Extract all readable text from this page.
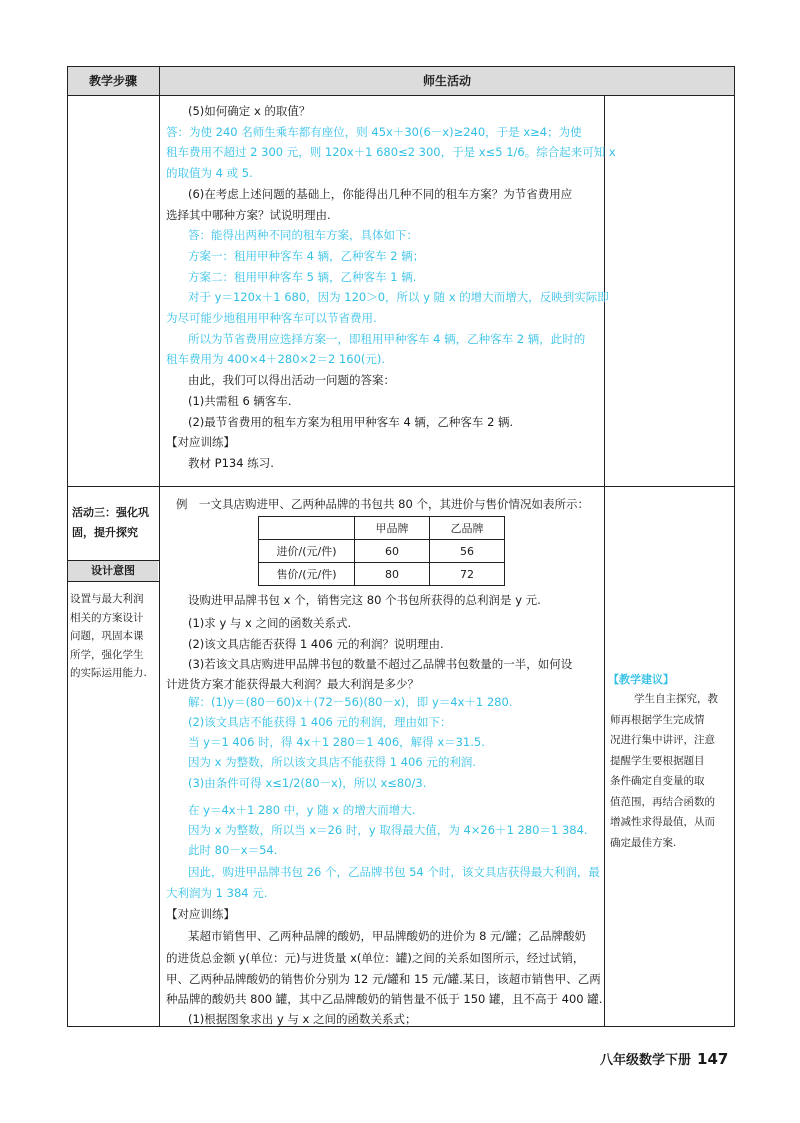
教学步骤	师生活动
(5)如何确定 x 的取值？
答：为使 240 名师生乘车都有座位，则 45x＋30(6－x)≥240，于是 x≥4；为使
租车费用不超过 2 300 元，则 120x＋1 680≤2 300，于是 x≤5 1/6。综合起来可知 x
的取值为 4 或 5.
(6)在考虑上述问题的基础上，你能得出几种不同的租车方案？为节省费用应
选择其中哪种方案？试说明理由.
答：能得出两种不同的租车方案，具体如下：
方案一：租用甲种客车 4 辆，乙种客车 2 辆；
方案二：租用甲种客车 5 辆，乙种客车 1 辆.
对于 y＝120x＋1 680，因为 120＞0，所以 y 随 x 的增大而增大，反映到实际即
为尽可能少地租用甲种客车可以节省费用.
所以为节省费用应选择方案一，即租用甲种客车 4 辆，乙种客车 2 辆，此时的
租车费用为 400×4＋280×2＝2 160(元).
由此，我们可以得出活动一问题的答案：
(1)共需租 6 辆客车.
(2)最节省费用的租车方案为租用甲种客车 4 辆，乙种客车 2 辆.
【对应训练】
教材 P134 练习.
活动三：强化巩
固，提升探究
设计意图
设置与最大利润
相关的方案设计
问题，巩固本课
所学，强化学生
的实际运用能力.
例　一文具店购进甲、乙两种品牌的书包共 80 个，其进价与售价情况如表所示：
	甲品牌	乙品牌
进价/(元/件)	60	56
售价/(元/件)	80	72
设购进甲品牌书包 x 个，销售完这 80 个书包所获得的总利润是 y 元.
(1)求 y 与 x 之间的函数关系式.
(2)该文具店能否获得 1 406 元的利润？说明理由.
(3)若该文具店购进甲品牌书包的数量不超过乙品牌书包数量的一半，如何设
计进货方案才能获得最大利润？最大利润是多少？
解：(1)y＝(80－60)x＋(72－56)(80－x)，即 y＝4x＋1 280.
(2)该文具店不能获得 1 406 元的利润，理由如下：
当 y＝1 406 时，得 4x＋1 280＝1 406，解得 x＝31.5.
因为 x 为整数，所以该文具店不能获得 1 406 元的利润.
(3)由条件可得 x≤1/2(80－x)，所以 x≤80/3.
在 y＝4x＋1 280 中，y 随 x 的增大而增大.
因为 x 为整数，所以当 x＝26 时，y 取得最大值，为 4×26＋1 280＝1 384.
此时 80－x＝54.
因此，购进甲品牌书包 26 个，乙品牌书包 54 个时，该文具店获得最大利润，最
大利润为 1 384 元.
【对应训练】
某超市销售甲、乙两种品牌的酸奶，甲品牌酸奶的进价为 8 元/罐；乙品牌酸奶
的进货总金额 y(单位：元)与进货量 x(单位：罐)之间的关系如图所示，经过试销，
甲、乙两种品牌酸奶的销售价分别为 12 元/罐和 15 元/罐.某日，该超市销售甲、乙两
种品牌的酸奶共 800 罐，其中乙品牌酸奶的销售量不低于 150 罐，且不高于 400 罐.
(1)根据图象求出 y 与 x 之间的函数关系式；
【教学建议】
学生自主探究，教
师再根据学生完成情
况进行集中讲评，注意
提醒学生要根据题目
条件确定自变量的取
值范围，再结合函数的
增减性求得最值，从而
确定最佳方案.
八年级数学下册 147
